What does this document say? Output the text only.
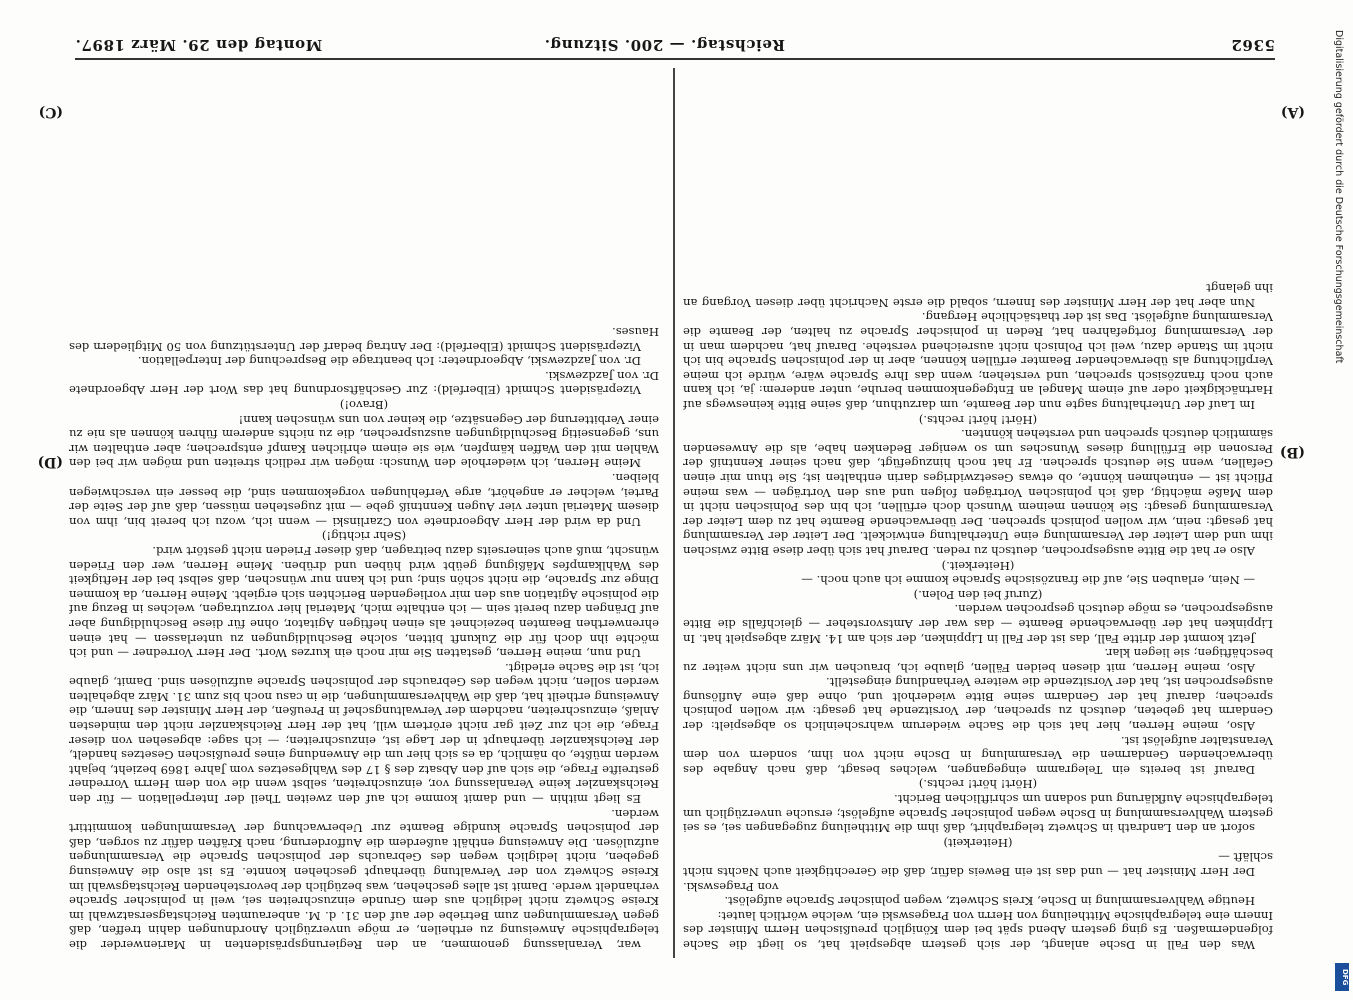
5362
Reichstag. — 200. Sitzung.
Montag den 29. März 1897.
(A)
(B)
(C)
(D)

Was den Fall in Dsche anlangt, der sich gestern abgespielt hat, so liegt die Sache folgendermaßen. Es ging gestern Abend spät bei dem Königlich preußischen Herrn Minister des Innern eine telegraphische Mittheilung von Herrn von Prageswski ein, welche wörtlich lautet:

Heutige Wahlversammlung in Dsche, Kreis Schwetz, wegen polnischer Sprache aufgelöst.

von Prageswski.

Der Herr Minister hat — und das ist ein Beweis dafür, daß die Gerechtigkeit auch Nachts nicht schläft —

(Heiterkeit)

sofort an den Landrath in Schwetz telegraphirt, daß ihm die Mittheilung zugegangen sei, es sei gestern Wahlversammlung in Dsche wegen polnischer Sprache aufgelöst; ersuche unverzüglich um telegraphische Aufklärung und sodann um schriftlichen Bericht.

(Hört! hört! rechts.)

Darauf ist bereits ein Telegramm eingegangen, welches besagt, daß nach Angabe des überwachenden Gendarmen die Versammlung in Dsche nicht von ihm, sondern von dem Veranstalter aufgelöst ist.

Also, meine Herren, hier hat sich die Sache wiederum wahrscheinlich so abgespielt: der Gendarm hat gebeten, deutsch zu sprechen, der Vorsitzende hat gesagt: wir wollen polnisch sprechen; darauf hat der Gendarm seine Bitte wiederholt und, ohne daß eine Auflösung ausgesprochen ist, hat der Vorsitzende die weitere Verhandlung eingestellt.

Also, meine Herren, mit diesen beiden Fällen, glaube ich, brauchen wir uns nicht weiter zu beschäftigen; sie liegen klar.

Jetzt kommt der dritte Fall, das ist der Fall in Lippinken, der sich am 14. März abgespielt hat. In Lippinken hat der überwachende Beamte — das war der Amtsvorsteher — gleichfalls die Bitte ausgesprochen, es möge deutsch gesprochen werden.

(Zuruf bei den Polen.)

— Nein, erlauben Sie, auf die französische Sprache komme ich auch noch. —

(Heiterkeit.)

Also er hat die Bitte ausgesprochen, deutsch zu reden. Darauf hat sich über diese Bitte zwischen ihm und dem Leiter der Versammlung eine Unterhaltung entwickelt. Der Leiter der Versammlung hat gesagt: nein, wir wollen polnisch sprechen. Der überwachende Beamte hat zu dem Leiter der Versammlung gesagt: Sie können meinem Wunsch doch erfüllen, ich bin des Polnischen nicht in dem Maße mächtig, daß ich polnischen Vorträgen folgen und aus den Vorträgen — was meine Pflicht ist — entnehmen könnte, ob etwas Gesetzwidriges darin enthalten ist; Sie thun mir einen Gefallen, wenn Sie deutsch sprechen. Er hat noch hinzugefügt, daß nach seiner Kenntniß der Personen die Erfüllung dieses Wunsches um so weniger Bedenken habe, als die Anwesenden sämmtlich deutsch sprechen und verstehen könnten.

(Hört! hört! rechts.)

Im Lauf der Unterhaltung sagte nun der Beamte, um darzuthun, daß seine Bitte keineswegs auf Hartnäckigkeit oder auf einem Mangel an Entgegenkommen beruhe, unter anderem: ja, ich kann auch noch französisch sprechen, und verstehen; wenn das Ihre Sprache wäre, würde ich meine Verpflichtung als überwachender Beamter erfüllen können, aber in der polnischen Sprache bin ich nicht im Stande dazu, weil ich Polnisch nicht ausreichend verstehe. Darauf hat, nachdem man in der Versammlung fortgefahren hat, Reden in polnischer Sprache zu halten, der Beamte die Versammlung aufgelöst. Das ist der thatsächliche Hergang.

Nun aber hat der Herr Minister des Innern, sobald die erste Nachricht über diesen Vorgang an ihn gelangt

war, Veranlassung genommen, an den Regierungspräsidenten in Marienwerder die telegraphische Anweisung zu ertheilen, er möge unverzüglich Anordnungen dahin treffen, daß gegen Versammlungen zum Betriebe der auf den 31. d. M. anberaumten Reichstagsersatzwahl im Kreise Schwetz nicht lediglich aus dem Grunde einzuschreiten sei, weil in polnischer Sprache verhandelt werde. Damit ist alles geschehen, was bezüglich der bevorstehenden Reichstagswahl im Kreise Schwetz von der Verwaltung überhaupt geschehen konnte. Es ist also die Anweisung gegeben, nicht lediglich wegen des Gebrauchs der polnischen Sprache die Versammlungen aufzulösen. Die Anweisung enthält außerdem die Aufforderung, nach Kräften dafür zu sorgen, daß der polnischen Sprache kundige Beamte zur Ueberwachung der Versammlungen kommittirt werden.

Es liegt mithin — und damit komme ich auf den zweiten Theil der Interpellation — für den Reichskanzler keine Veranlassung vor, einzuschreiten, selbst wenn die von dem Herrn Vorredner gestreifte Frage, die sich auf den Absatz des § 17 des Wahlgesetzes vom Jahre 1869 bezieht, bejaht werden müßte, ob nämlich, da es sich hier um die Anwendung eines preußischen Gesetzes handelt, der Reichskanzler überhaupt in der Lage ist, einzuschreiten; — ich sage: abgesehen von dieser Frage, die ich zur Zeit gar nicht erörtern will, hat der Herr Reichskanzler nicht den mindesten Anlaß, einzuschreiten, nachdem der Verwaltungschef in Preußen, der Herr Minister des Innern, die Anweisung ertheilt hat, daß die Wahlversammlungen, die in casu noch bis zum 31. März abgehalten werden sollen, nicht wegen des Gebrauchs der polnischen Sprache aufzulösen sind. Damit, glaube ich, ist die Sache erledigt.

Und nun, meine Herren, gestatten Sie mir noch ein kurzes Wort. Der Herr Vorredner — und ich möchte ihn doch für die Zukunft bitten, solche Beschuldigungen zu unterlassen — hat einen ehrenwerthen Beamten bezeichnet als einen heftigen Agitator, ohne für diese Beschuldigung aber auf Drängen dazu bereit sein — ich enthalte mich, Material hier vorzutragen, welches in Bezug auf die polnische Agitation aus den mir vorliegenden Berichten sich ergiebt. Meine Herren, da kommen Dinge zur Sprache, die nicht schön sind; und ich kann nur wünschen, daß selbst bei der Heftigkeit des Wahlkampfes Mäßigung geübt wird hüben und drüben. Meine Herren, wer den Frieden wünscht, muß auch seinerseits dazu beitragen, daß dieser Frieden nicht gestört wird.

(Sehr richtig!)

Und da wird der Herr Abgeordnete von Czarlinski — wenn ich, wozu ich bereit bin, ihm von diesem Material unter vier Augen Kenntniß gebe — mit zugestehen müssen, daß auf der Seite der Partei, welcher er angehört, arge Verfehlungen vorgekommen sind, die besser ein verschwiegen bleiben.

Meine Herren, ich wiederhole den Wunsch: mögen wir redlich streiten und mögen wir bei den Wahlen mit den Waffen kämpfen, wie sie einem ehrlichen Kampf entsprechen; aber enthalten wir uns, gegenseitig Beschuldigungen auszusprechen, die zu nichts anderem führen können als nie zu einer Verbitterung der Gegensätze, die keiner von uns wünschen kann!

(Bravo!)

Vizepräsident Schmidt (Elberfeld): Zur Geschäftsordnung hat das Wort der Herr Abgeordnete Dr. von Jazdzewski.

Dr. von Jazdzewski, Abgeordneter: Ich beantrage die Besprechung der Interpellation.

Vizepräsident Schmidt (Elberfeld): Der Antrag bedarf der Unterstützung von 50 Mitgliedern des Hauses.	Digitalisierung gefördert durch die Deutsche Forschungsgemeinschaft
DFG
